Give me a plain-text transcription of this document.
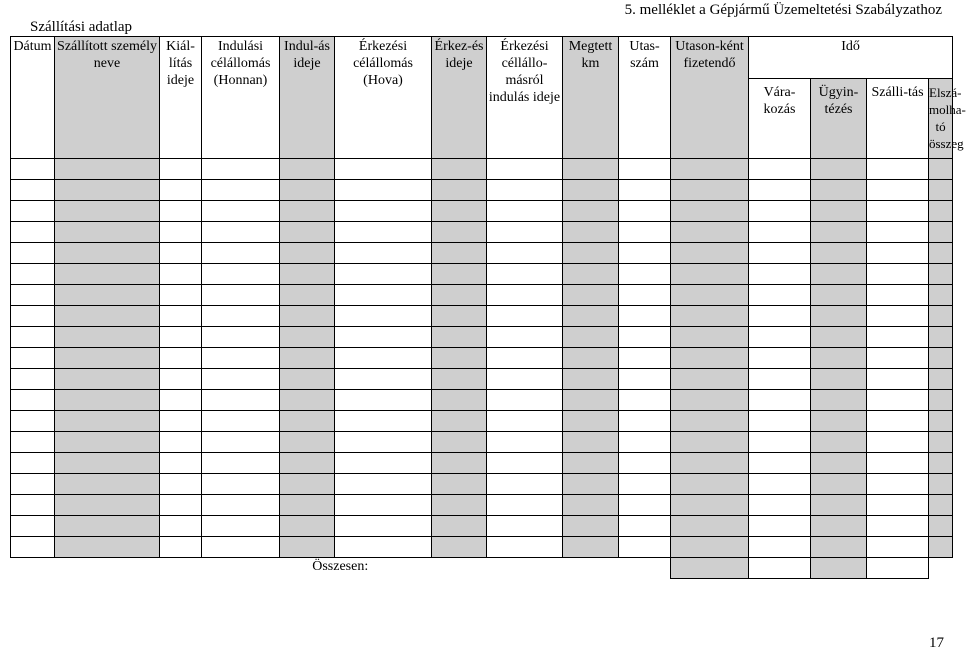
5. melléklet a Gépjármű Üzemeltetési Szabályzathoz
Szállítási adatlap
Dátum	Szállított személy neve	Kiál-lítás ideje	Indulási célállomás (Honnan)	Indul-ás ideje	Érkezési célállomás (Hova)	Érkez-és ideje	Érkezési céllállo-másról indulás ideje	Megtett km	Utas-szám	Utason-ként fizetendő	Idő			
											Vára-kozás	Ügyin-tézés	Szálli-tás	Elszá-molha-tó összeg

Összesen:														
17
